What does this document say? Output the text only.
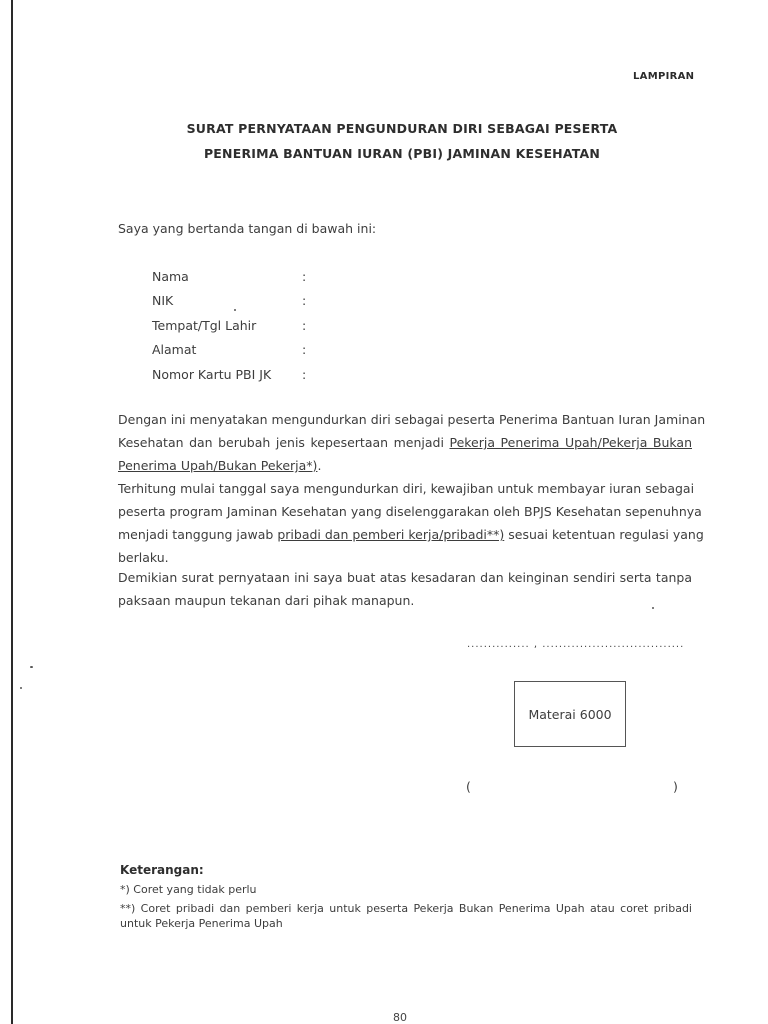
LAMPIRAN
SURAT PERNYATAAN PENGUNDURAN DIRI SEBAGAI PESERTA
PENERIMA BANTUAN IURAN (PBI) JAMINAN KESEHATAN
Saya yang bertanda tangan di bawah ini:
Nama	:
NIK	:
Tempat/Tgl Lahir	:
Alamat	:
Nomor Kartu PBI JK :
Dengan ini menyatakan mengundurkan diri sebagai peserta Penerima Bantuan Iuran Jaminan
Kesehatan dan berubah jenis kepesertaan menjadi Pekerja Penerima Upah/Pekerja Bukan
Penerima Upah/Bukan Pekerja*).
Terhitung mulai tanggal saya mengundurkan diri, kewajiban untuk membayar iuran sebagai
peserta program Jaminan Kesehatan yang diselenggarakan oleh BPJS Kesehatan sepenuhnya
menjadi tanggung jawab pribadi dan pemberi kerja/pribadi**) sesuai ketentuan regulasi yang
berlaku.
Demikian surat pernyataan ini saya buat atas kesadaran dan keinginan sendiri serta tanpa
paksaan maupun tekanan dari pihak manapun.
............... , ..................................
Materai 6000
(	)
Keterangan:
*) Coret yang tidak perlu
**) Coret pribadi dan pemberi kerja untuk peserta Pekerja Bukan Penerima Upah atau coret pribadi
untuk Pekerja Penerima Upah
80
